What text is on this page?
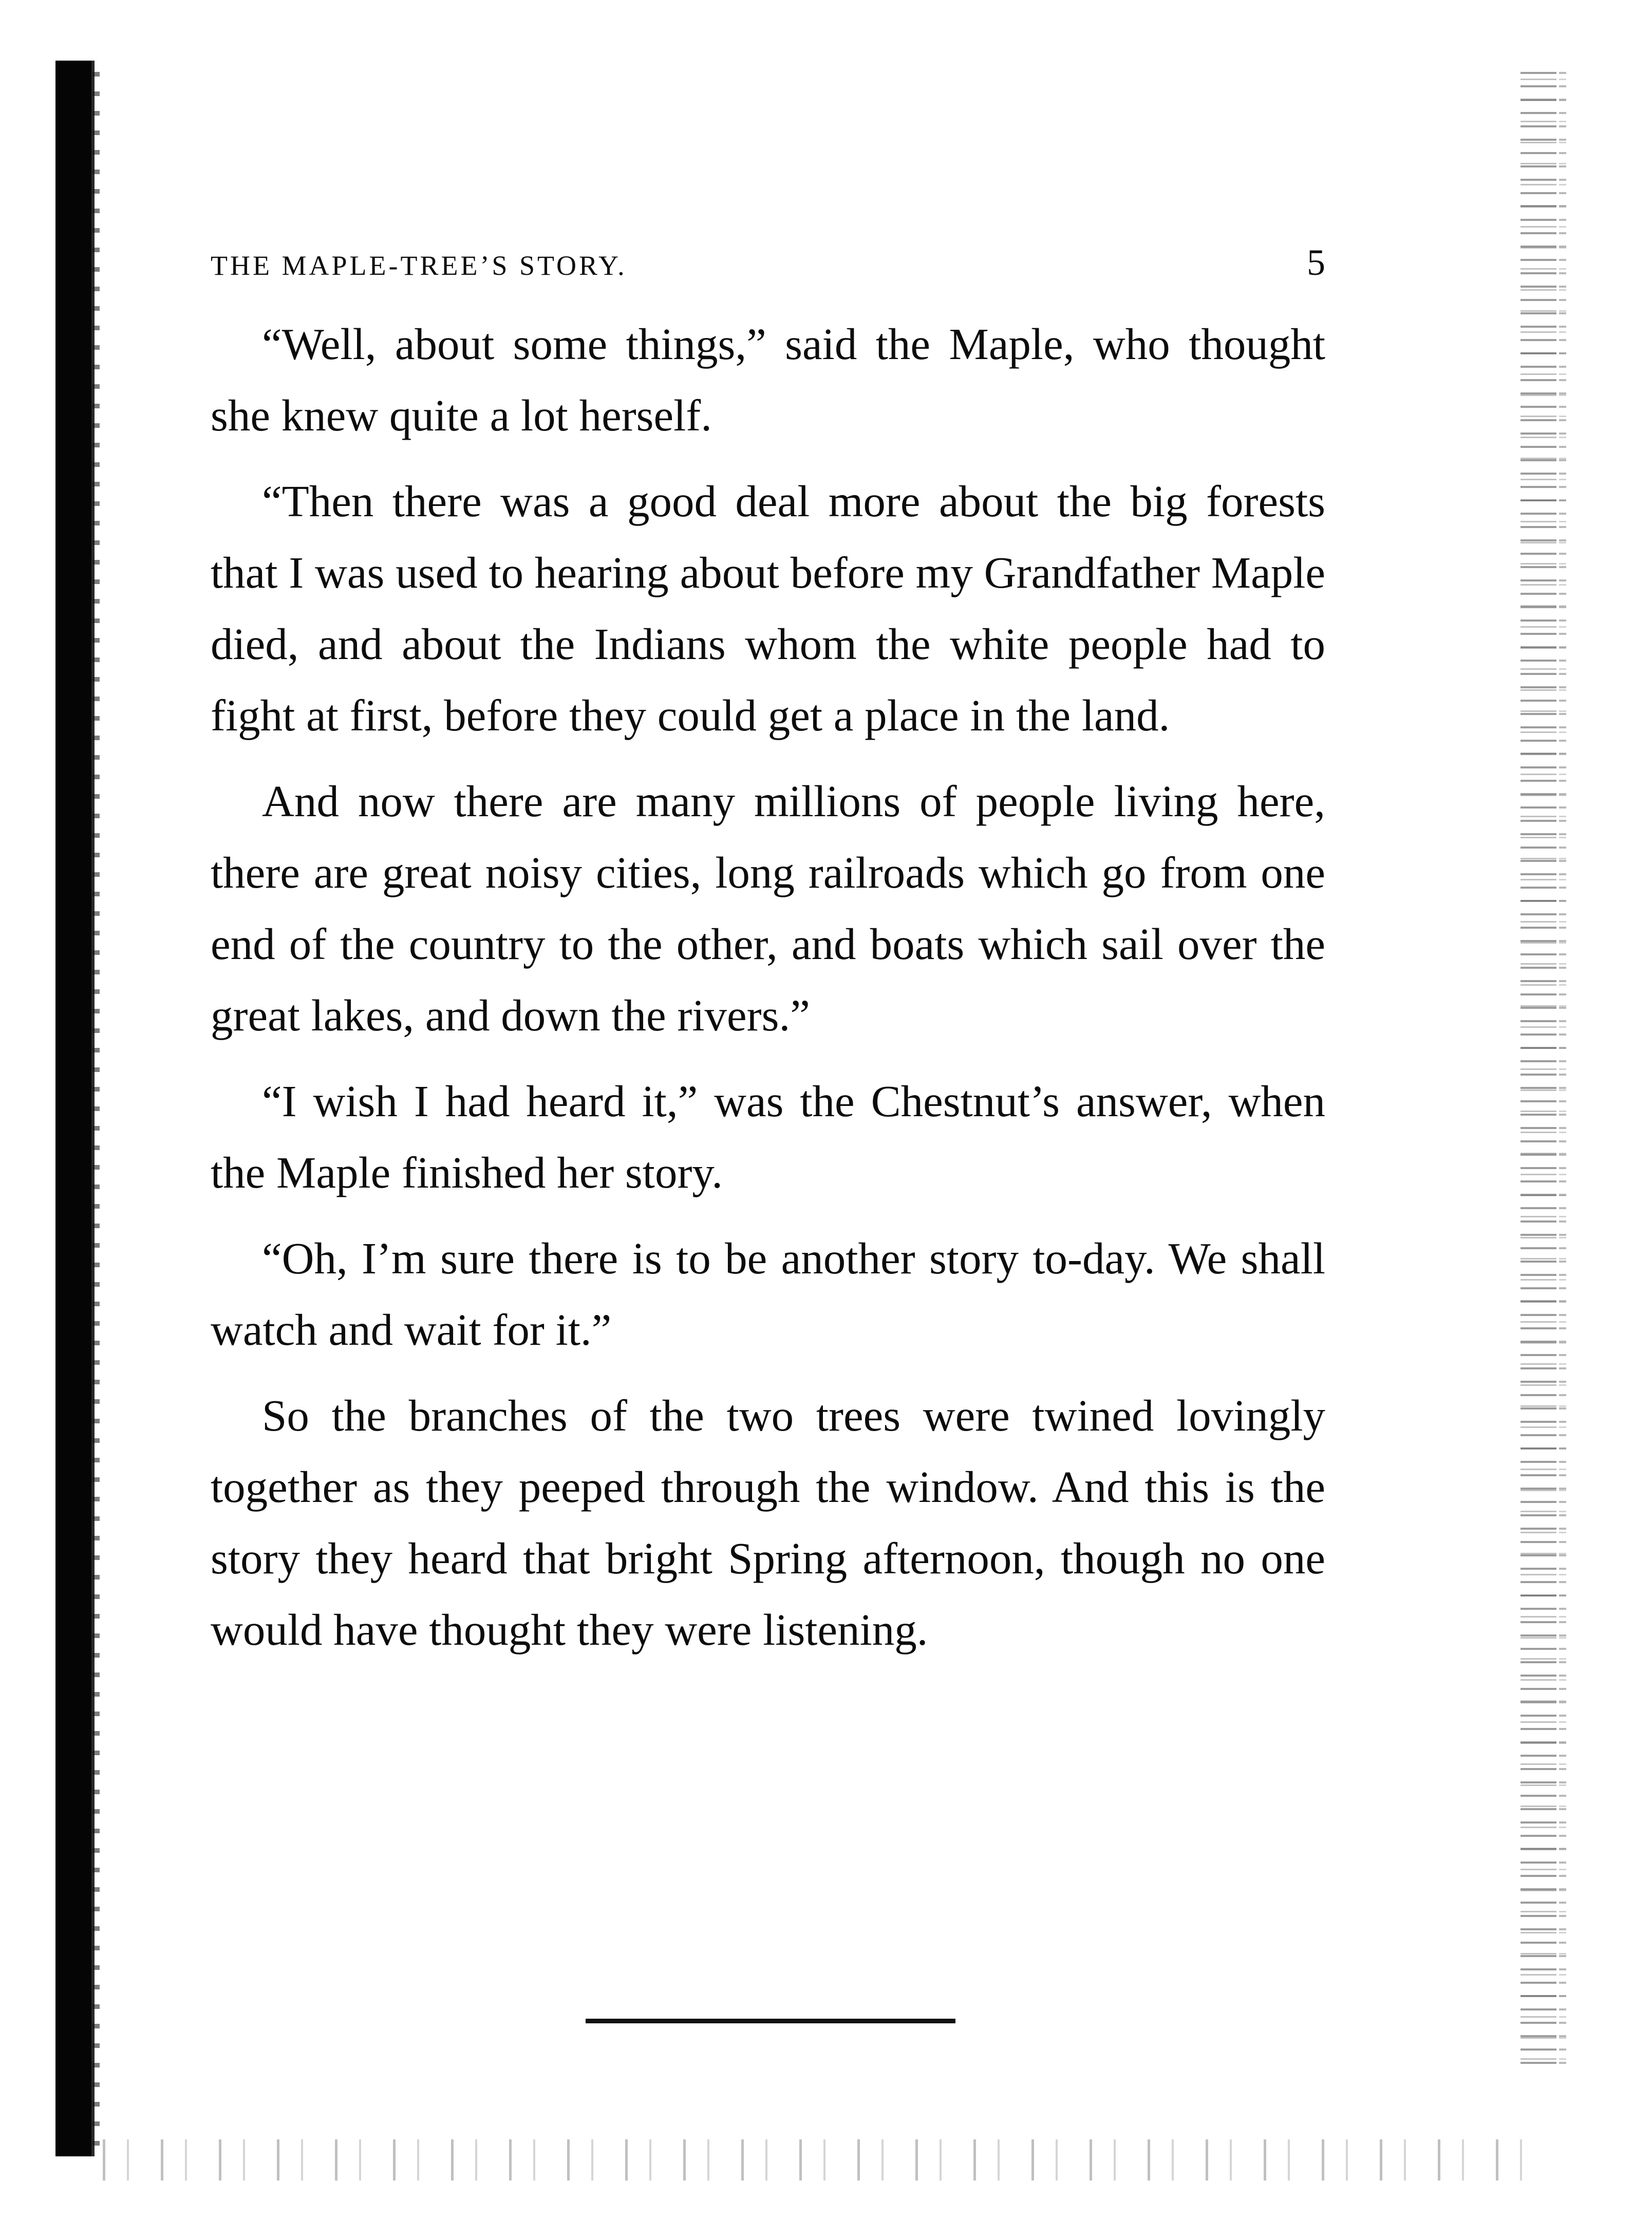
THE MAPLE-TREE’S STORY.	5

“Well, about some things,” said the Maple, who thought she knew quite a lot herself.

“Then there was a good deal more about the big forests that I was used to hearing about before my Grandfather Maple died, and about the Indians whom the white people had to fight at first, before they could get a place in the land.

And now there are many millions of people living here, there are great noisy cities, long railroads which go from one end of the country to the other, and boats which sail over the great lakes, and down the rivers.”

“I wish I had heard it,” was the Chestnut’s answer, when the Maple finished her story.

“Oh, I’m sure there is to be another story to-day. We shall watch and wait for it.”

So the branches of the two trees were twined lovingly together as they peeped through the window. And this is the story they heard that bright Spring afternoon, though no one would have thought they were listening.
